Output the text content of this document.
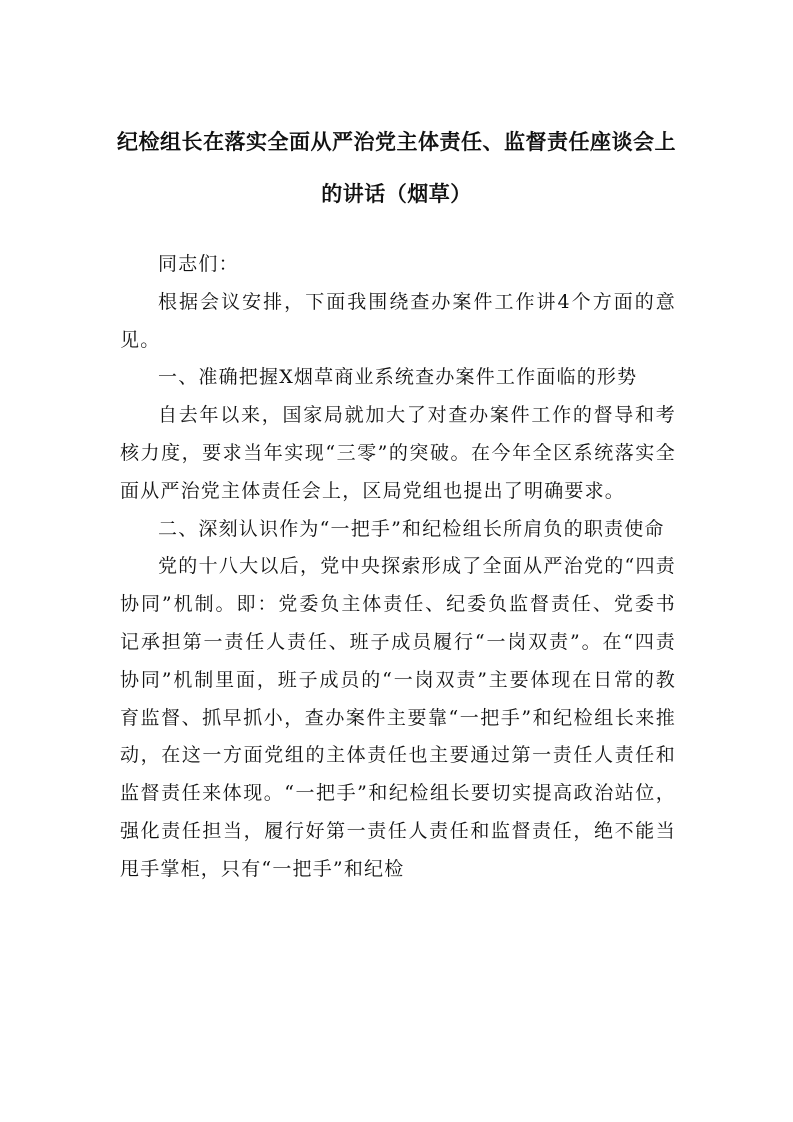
纪检组长在落实全面从严治党主体责任、监督责任座谈会上
的讲话（烟草）

同志们：

根据会议安排，下面我围绕查办案件工作讲4个方面的意见。

一、准确把握X烟草商业系统查办案件工作面临的形势

自去年以来，国家局就加大了对查办案件工作的督导和考核力度，要求当年实现“三零”的突破。在今年全区系统落实全面从严治党主体责任会上，区局党组也提出了明确要求。

二、深刻认识作为“一把手”和纪检组长所肩负的职责使命

党的十八大以后，党中央探索形成了全面从严治党的“四责协同”机制。即：党委负主体责任、纪委负监督责任、党委书记承担第一责任人责任、班子成员履行“一岗双责”。在“四责协同”机制里面，班子成员的“一岗双责”主要体现在日常的教育监督、抓早抓小，查办案件主要靠“一把手”和纪检组长来推动，在这一方面党组的主体责任也主要通过第一责任人责任和监督责任来体现。“一把手”和纪检组长要切实提高政治站位，强化责任担当，履行好第一责任人责任和监督责任，绝不能当甩手掌柜，只有“一把手”和纪检
